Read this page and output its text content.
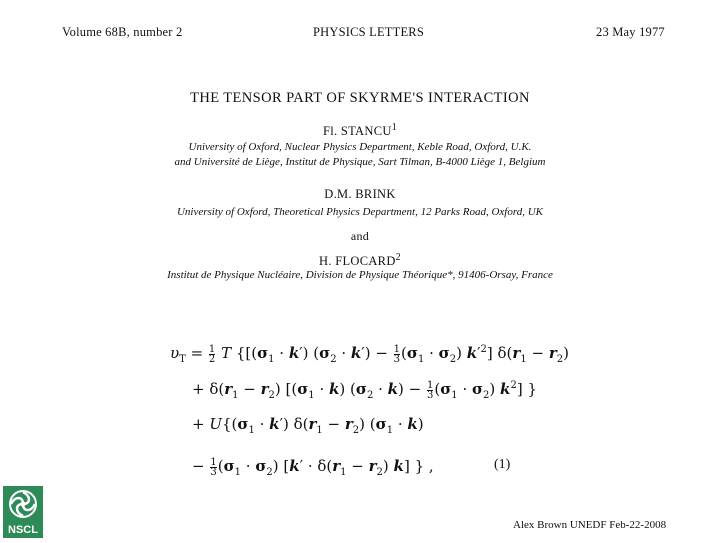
Volume 68B, number 2	PHYSICS LETTERS	23 May 1977
THE TENSOR PART OF SKYRME'S INTERACTION
Fl. STANCU$^1$
University of Oxford, Nuclear Physics Department, Keble Road, Oxford, U.K.
and Université de Liège, Institut de Physique, Sart Tilman, B-4000 Liège 1, Belgium
D.M. BRINK
University of Oxford, Theoretical Physics Department, 12 Parks Road, Oxford, UK
and
H. FLOCARD$^2$
Institut de Physique Nucléaire, Division de Physique Théorique*, 91406-Orsay, France
$\upsilon_T = \frac{1}{2}$ T {[$(\sigma_1 \cdot k') (\sigma_2 \cdot k') - \frac{1}{3} (\sigma_1 \cdot \sigma_2)$ $k'^2$] $\delta(r_1 - r_2)$
+ $\delta(r_1 - r_2) [(\sigma_1 \cdot k) (\sigma_2 \cdot k) - \frac{1}{3} (\sigma_1 \cdot \sigma_2)$ $k^2$] }
+ $U\{(\sigma_1 \cdot k') \delta(r_1 - r_2) (\sigma_1 \cdot k)$
− $\frac{1}{3} (\sigma_1 \cdot \sigma_2) [k' \cdot \delta(r_1 - r_2)$ k] } ,	(1)
NSCL	Alex Brown UNEDF Feb-22-2008
